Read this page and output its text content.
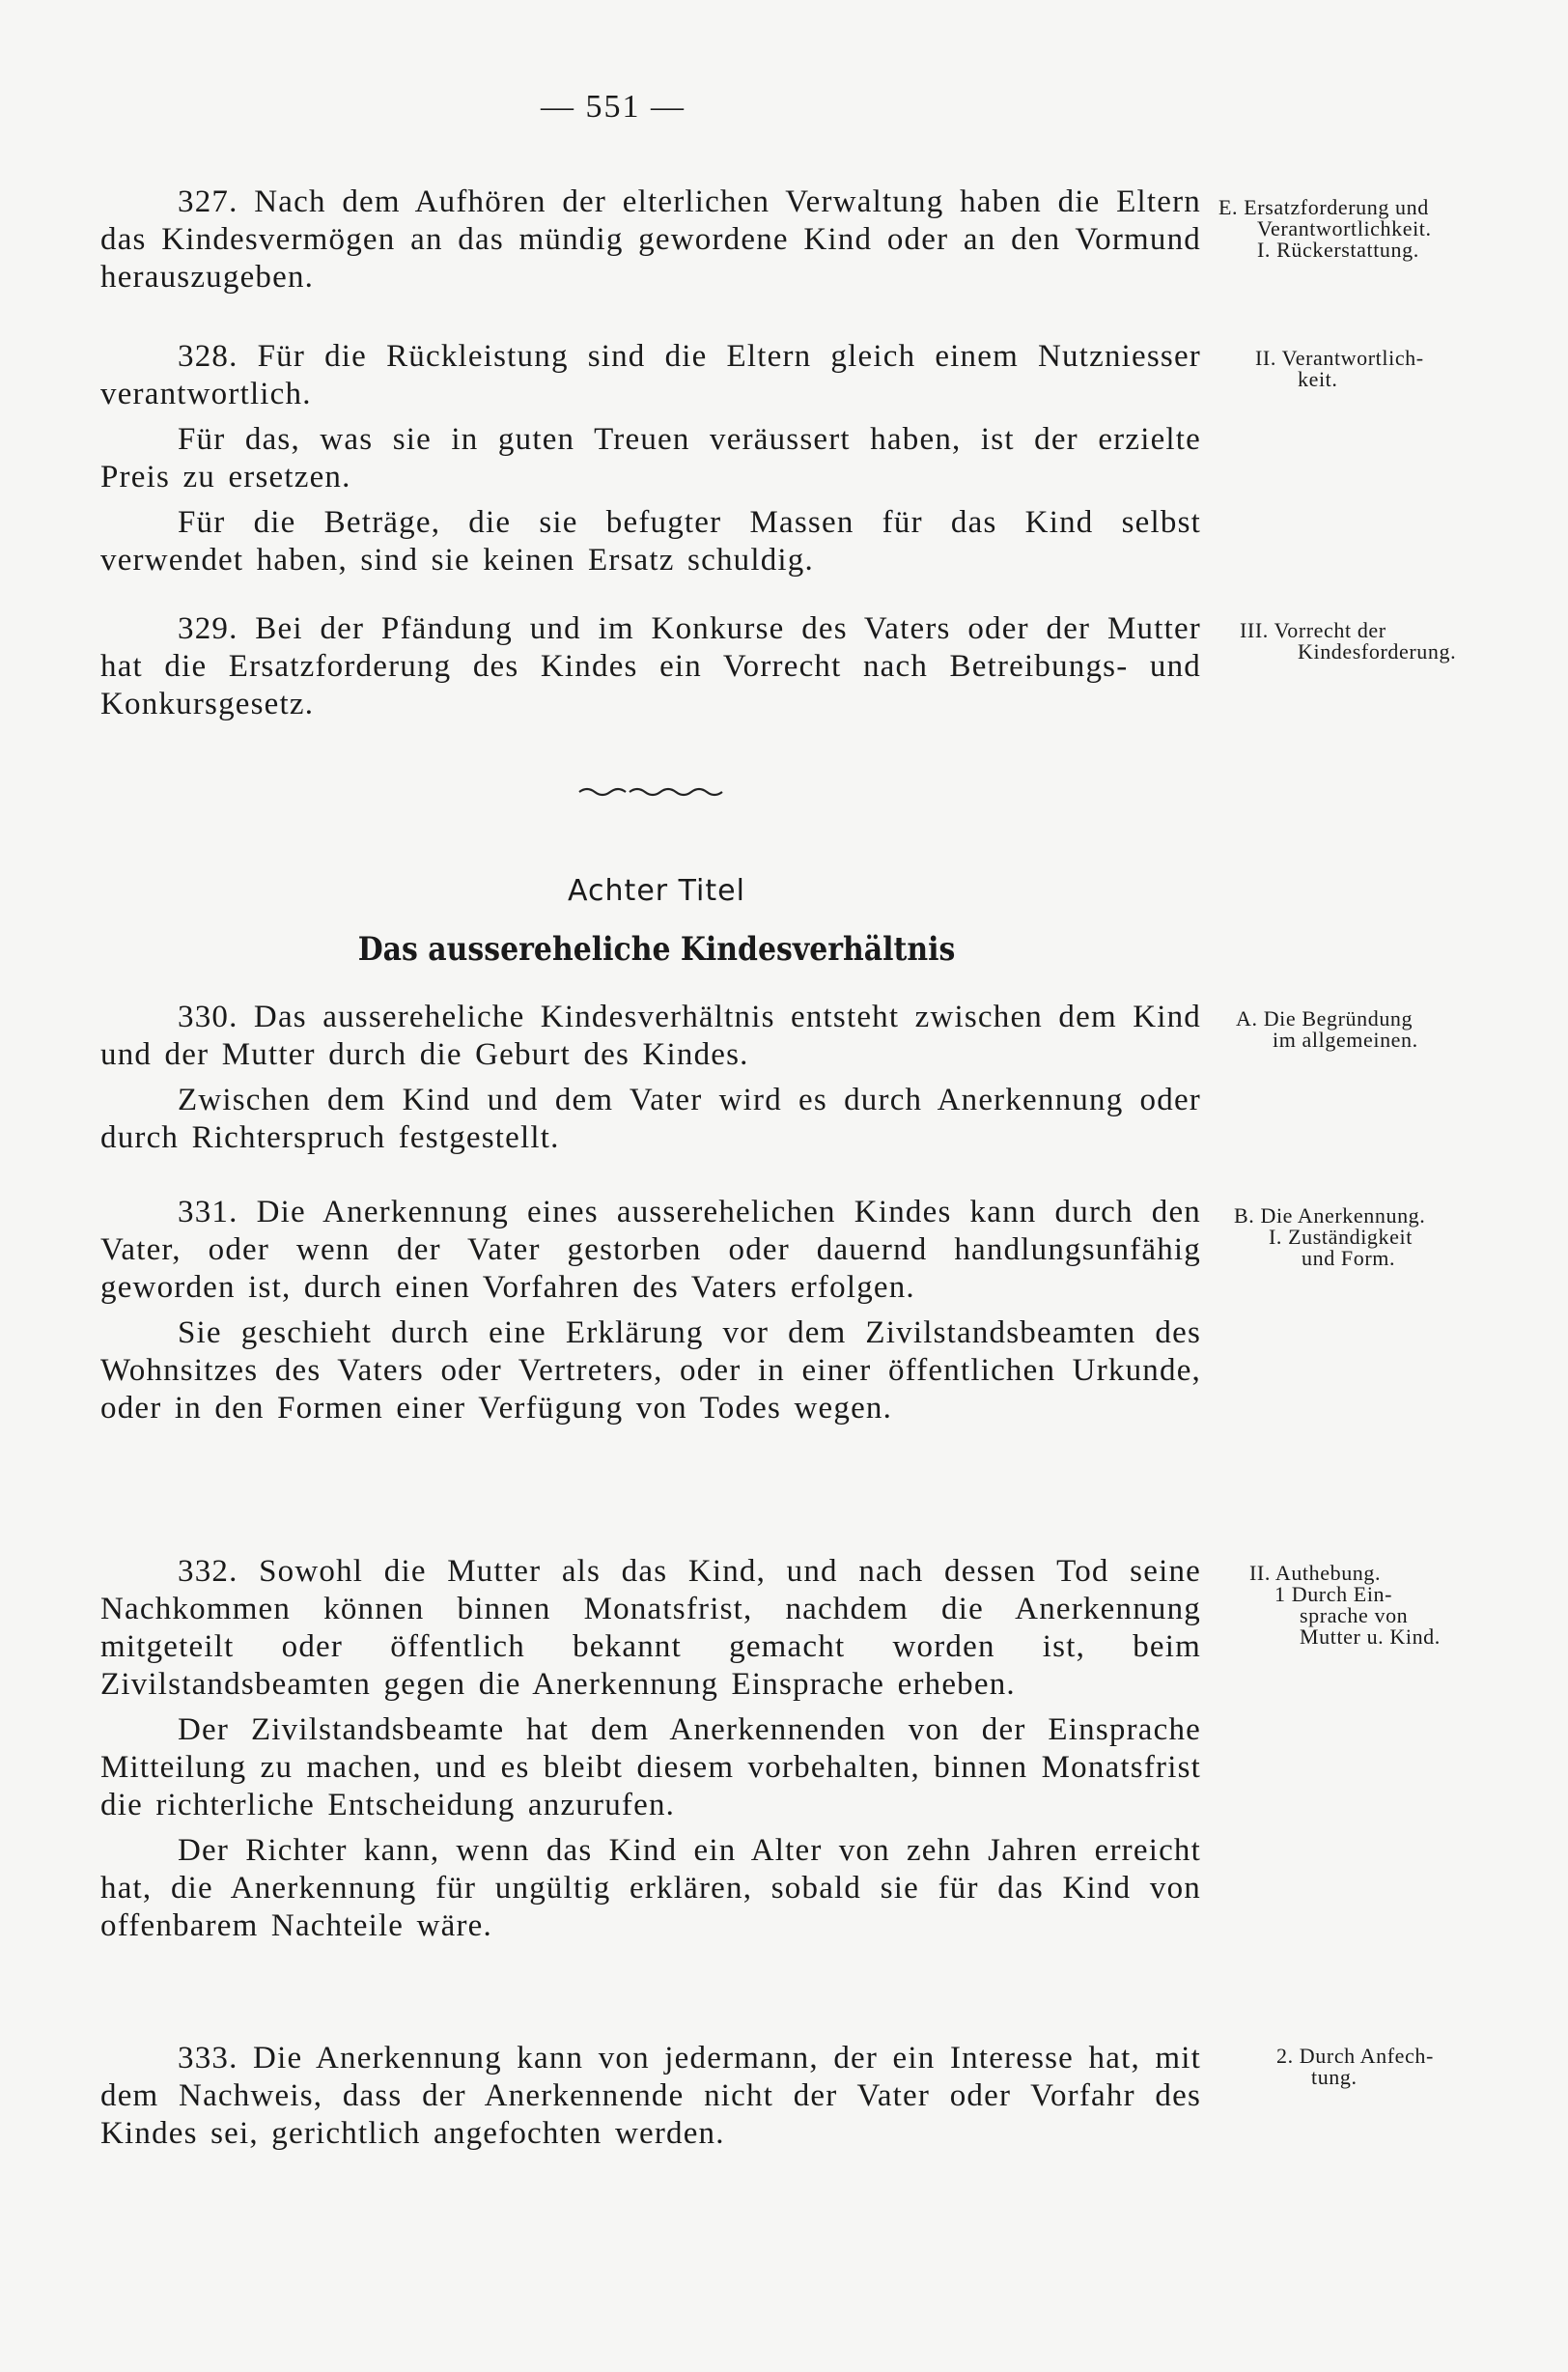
— 551 —

327. Nach dem Aufhören der elterlichen Verwaltung haben die Eltern das Kindesvermögen an das mündig gewordene Kind oder an den Vormund herauszugeben.

E. Ersatzforderung und
Verantwortlichkeit.
I. Rückerstattung.

328. Für die Rückleistung sind die Eltern gleich einem Nutzniesser verantwortlich.

Für das, was sie in guten Treuen veräussert haben, ist der erzielte Preis zu ersetzen.

Für die Beträge, die sie befugter Massen für das Kind selbst verwendet haben, sind sie keinen Ersatz schuldig.

II. Verantwortlich-
keit.

329. Bei der Pfändung und im Konkurse des Vaters oder der Mutter hat die Ersatzforderung des Kindes ein Vorrecht nach Betreibungs- und Konkursgesetz.

III. Vorrecht der
Kindesforderung.
Achter Titel
Das aussereheliche Kindesverhältnis

330. Das aussereheliche Kindesverhältnis entsteht zwischen dem Kind und der Mutter durch die Geburt des Kindes.

Zwischen dem Kind und dem Vater wird es durch Anerkennung oder durch Richterspruch festgestellt.

A. Die Begründung
im allgemeinen.

331. Die Anerkennung eines ausserehelichen Kindes kann durch den Vater, oder wenn der Vater gestorben oder dauernd handlungsunfähig geworden ist, durch einen Vorfahren des Vaters erfolgen.

Sie geschieht durch eine Erklärung vor dem Zivilstandsbeamten des Wohnsitzes des Vaters oder Vertreters, oder in einer öffentlichen Urkunde, oder in den Formen einer Verfügung von Todes wegen.

B. Die Anerkennung.
I. Zuständigkeit
und Form.

332. Sowohl die Mutter als das Kind, und nach dessen Tod seine Nachkommen können binnen Monatsfrist, nachdem die Anerkennung mitgeteilt oder öffentlich bekannt gemacht worden ist, beim Zivilstandsbeamten gegen die Anerkennung Einsprache erheben.

Der Zivilstandsbeamte hat dem Anerkennenden von der Einsprache Mitteilung zu machen, und es bleibt diesem vorbehalten, binnen Monatsfrist die richterliche Entscheidung anzurufen.

Der Richter kann, wenn das Kind ein Alter von zehn Jahren erreicht hat, die Anerkennung für ungültig erklären, sobald sie für das Kind von offenbarem Nachteile wäre.

II. Authebung.
1 Durch Ein-
sprache von
Mutter u. Kind.

333. Die Anerkennung kann von jedermann, der ein Interesse hat, mit dem Nachweis, dass der Anerkennende nicht der Vater oder Vorfahr des Kindes sei, gerichtlich angefochten werden.

2. Durch Anfech-
tung.
